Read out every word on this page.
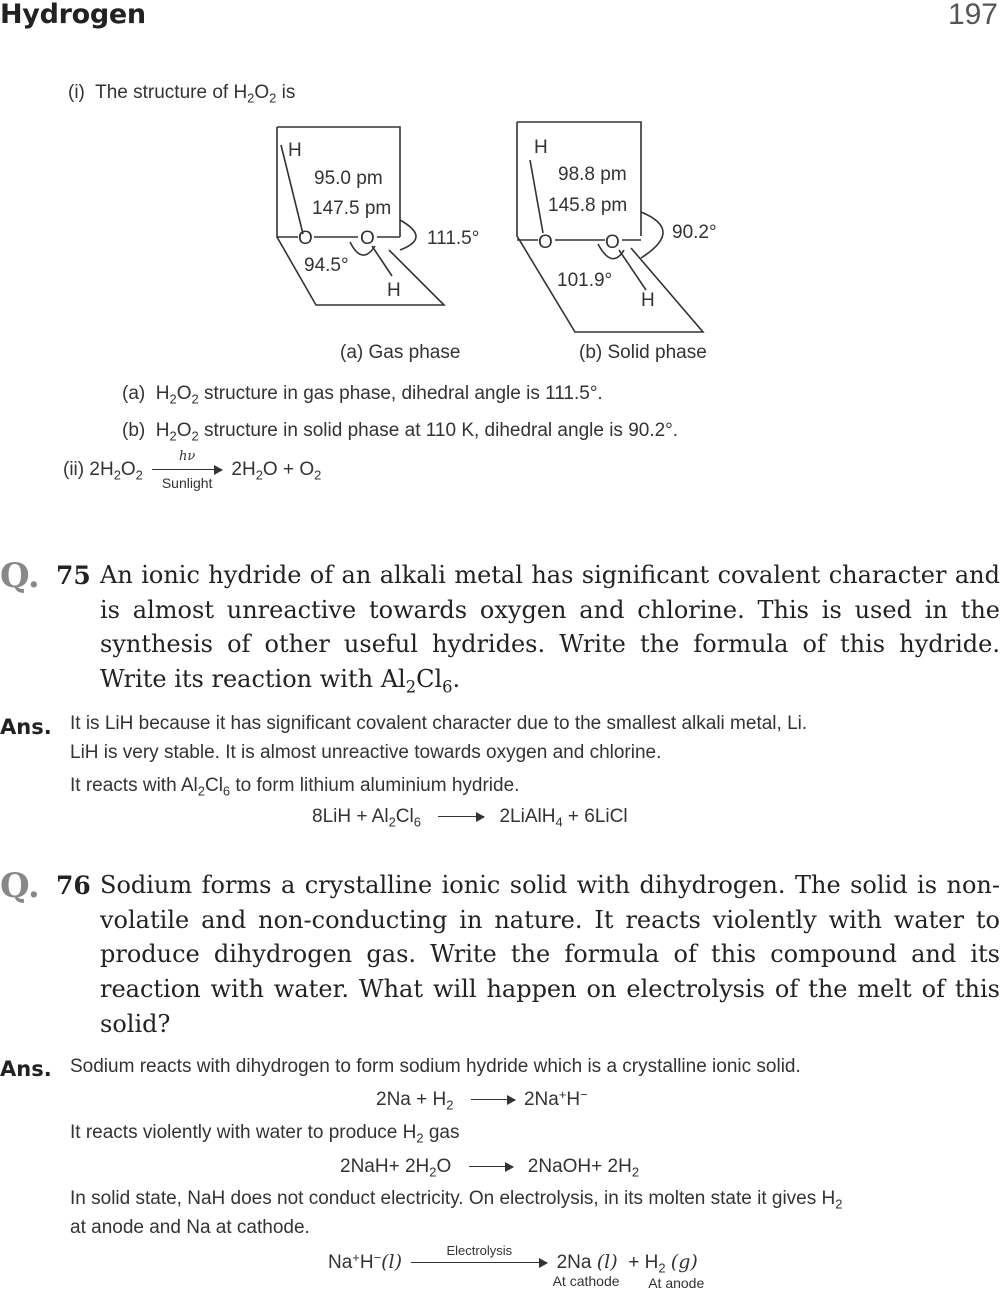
Hydrogen	197
(i) The structure of $H_2O_2$ is
H
95.0 pm
147.5 pm
O O
94.5°
111.5°
H
(a) Gas phase
H
98.8 pm
145.8 pm
O	O
101.9°
90.2°
H
(b) Solid phase
(a) $H_2O_2$ structure in gas phase, dihedral angle is 111.5°.
(b) $H_2O_2$ structure in solid phase at 110 K, dihedral angle is 90.2°.
(ii) $2H_2O_2$
hν
Sunlight
$2H_2O + O_2$
Q. 75 An ionic hydride of an alkali metal has significant covalent character and is almost unreactive towards oxygen and chlorine. This is used in the synthesis of other useful hydrides. Write the formula of this hydride. Write its reaction with $Al_2Cl_6$.
Ans. It is LiH because it has significant covalent character due to the smallest alkali metal, Li.
LiH is very stable. It is almost unreactive towards oxygen and chlorine.
It reacts with $Al_2Cl_6$ to form lithium aluminium hydride.
$8LiH + Al_2Cl_6$ → 2LiAlH$_4$ + 6LiCl
Q. 76 Sodium forms a crystalline ionic solid with dihydrogen. The solid is non-volatile and non-conducting in nature. It reacts violently with water to produce dihydrogen gas. Write the formula of this compound and its reaction with water. What will happen on electrolysis of the melt of this solid?
Ans. Sodium reacts with dihydrogen to form sodium hydride which is a crystalline ionic solid.
$2Na + H_2 \to 2Na^+H^-$
It reacts violently with water to produce $H_2$ gas
$2NaH+ 2H_2O$ → 2NaOH+ $2H_2$
In solid state, NaH does not conduct electricity. On electrolysis, in its molten state it gives $H_2$
at anode and Na at cathode.
Na+H−(l)
Electrolysis
2Na (l)
At cathode
+ $H_2$ (g)
At anode
